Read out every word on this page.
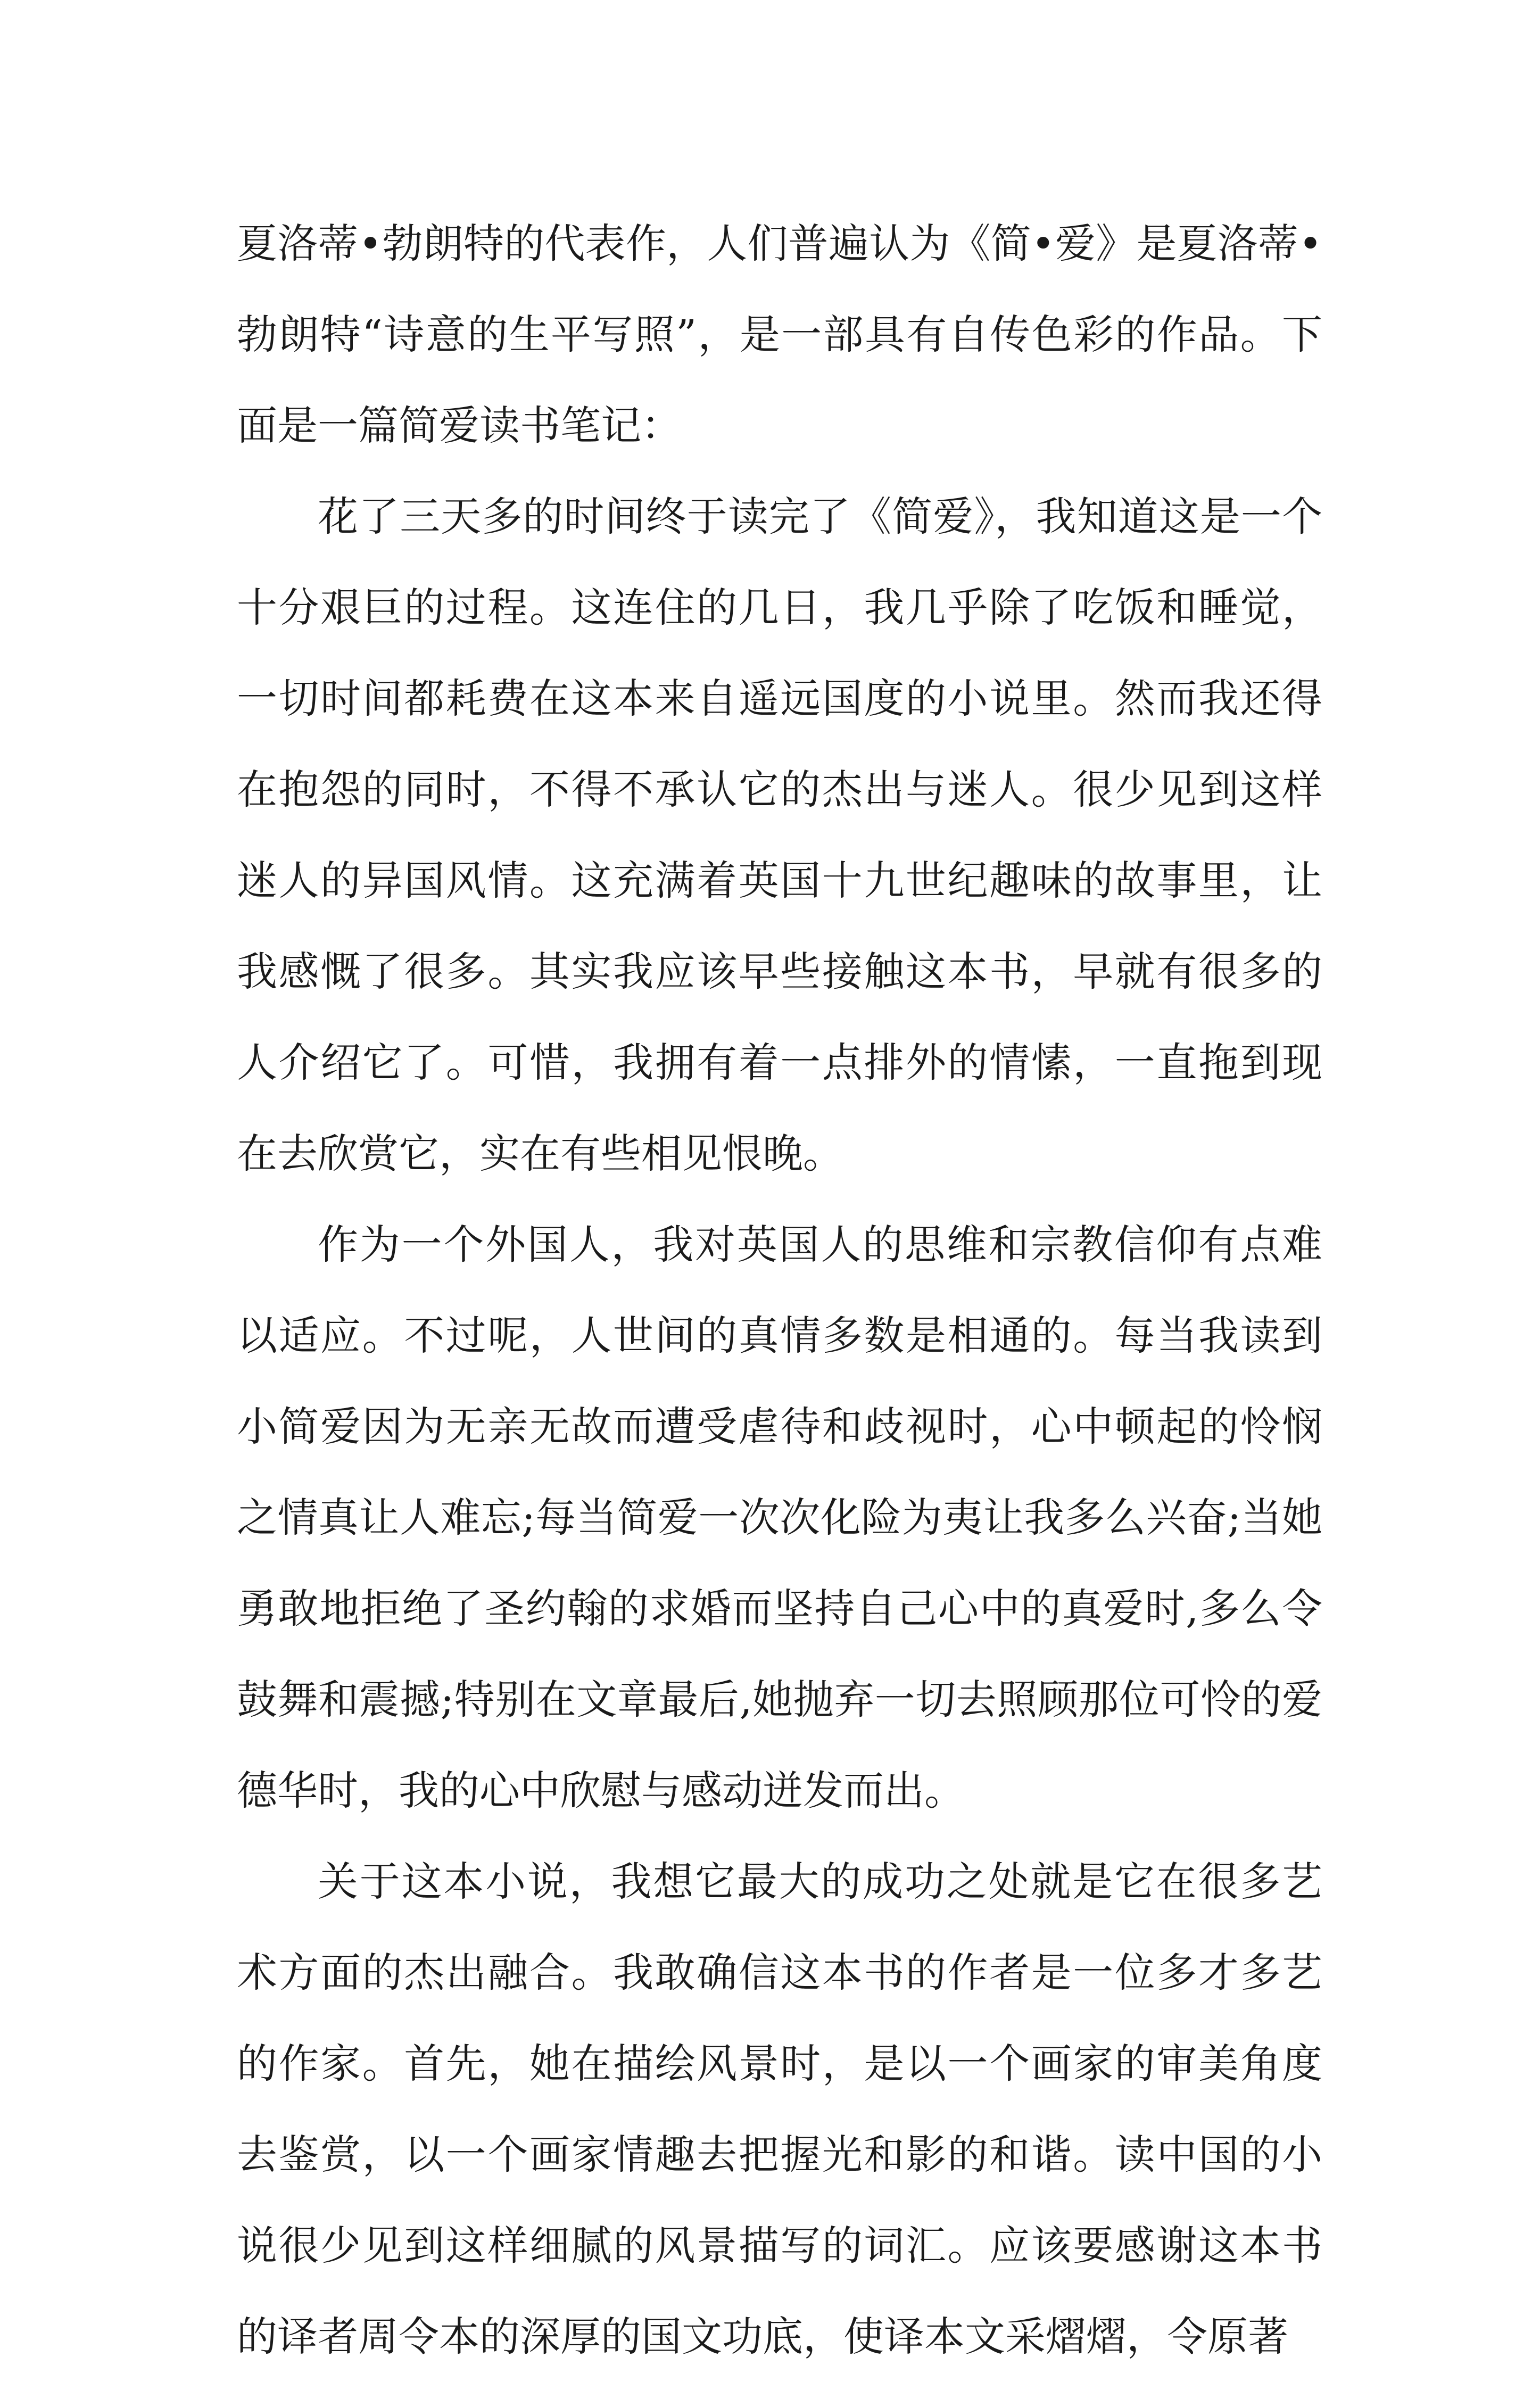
夏洛蒂•勃朗特的代表作，人们普遍认为《简•爱》是夏洛蒂•勃朗特“诗意的生平写照”，是一部具有自传色彩的作品。下面是一篇简爱读书笔记：

花了三天多的时间终于读完了《简爱》，我知道这是一个十分艰巨的过程。这连住的几日，我几乎除了吃饭和睡觉，一切时间都耗费在这本来自遥远国度的小说里。然而我还得在抱怨的同时，不得不承认它的杰出与迷人。很少见到这样迷人的异国风情。这充满着英国十九世纪趣味的故事里，让我感慨了很多。其实我应该早些接触这本书，早就有很多的人介绍它了。可惜，我拥有着一点排外的情愫，一直拖到现在去欣赏它，实在有些相见恨晚。

作为一个外国人，我对英国人的思维和宗教信仰有点难以适应。不过呢，人世间的真情多数是相通的。每当我读到小简爱因为无亲无故而遭受虐待和歧视时，心中顿起的怜悯之情真让人难忘;每当简爱一次次化险为夷让我多么兴奋;当她勇敢地拒绝了圣约翰的求婚而坚持自己心中的真爱时,多么令鼓舞和震撼;特别在文章最后,她抛弃一切去照顾那位可怜的爱德华时，我的心中欣慰与感动迸发而出。

关于这本小说，我想它最大的成功之处就是它在很多艺术方面的杰出融合。我敢确信这本书的作者是一位多才多艺的作家。首先，她在描绘风景时，是以一个画家的审美角度去鉴赏，以一个画家情趣去把握光和影的和谐。读中国的小说很少见到这样细腻的风景描写的词汇。应该要感谢这本书的译者周令本的深厚的国文功底，使译本文采熠熠，令原著
